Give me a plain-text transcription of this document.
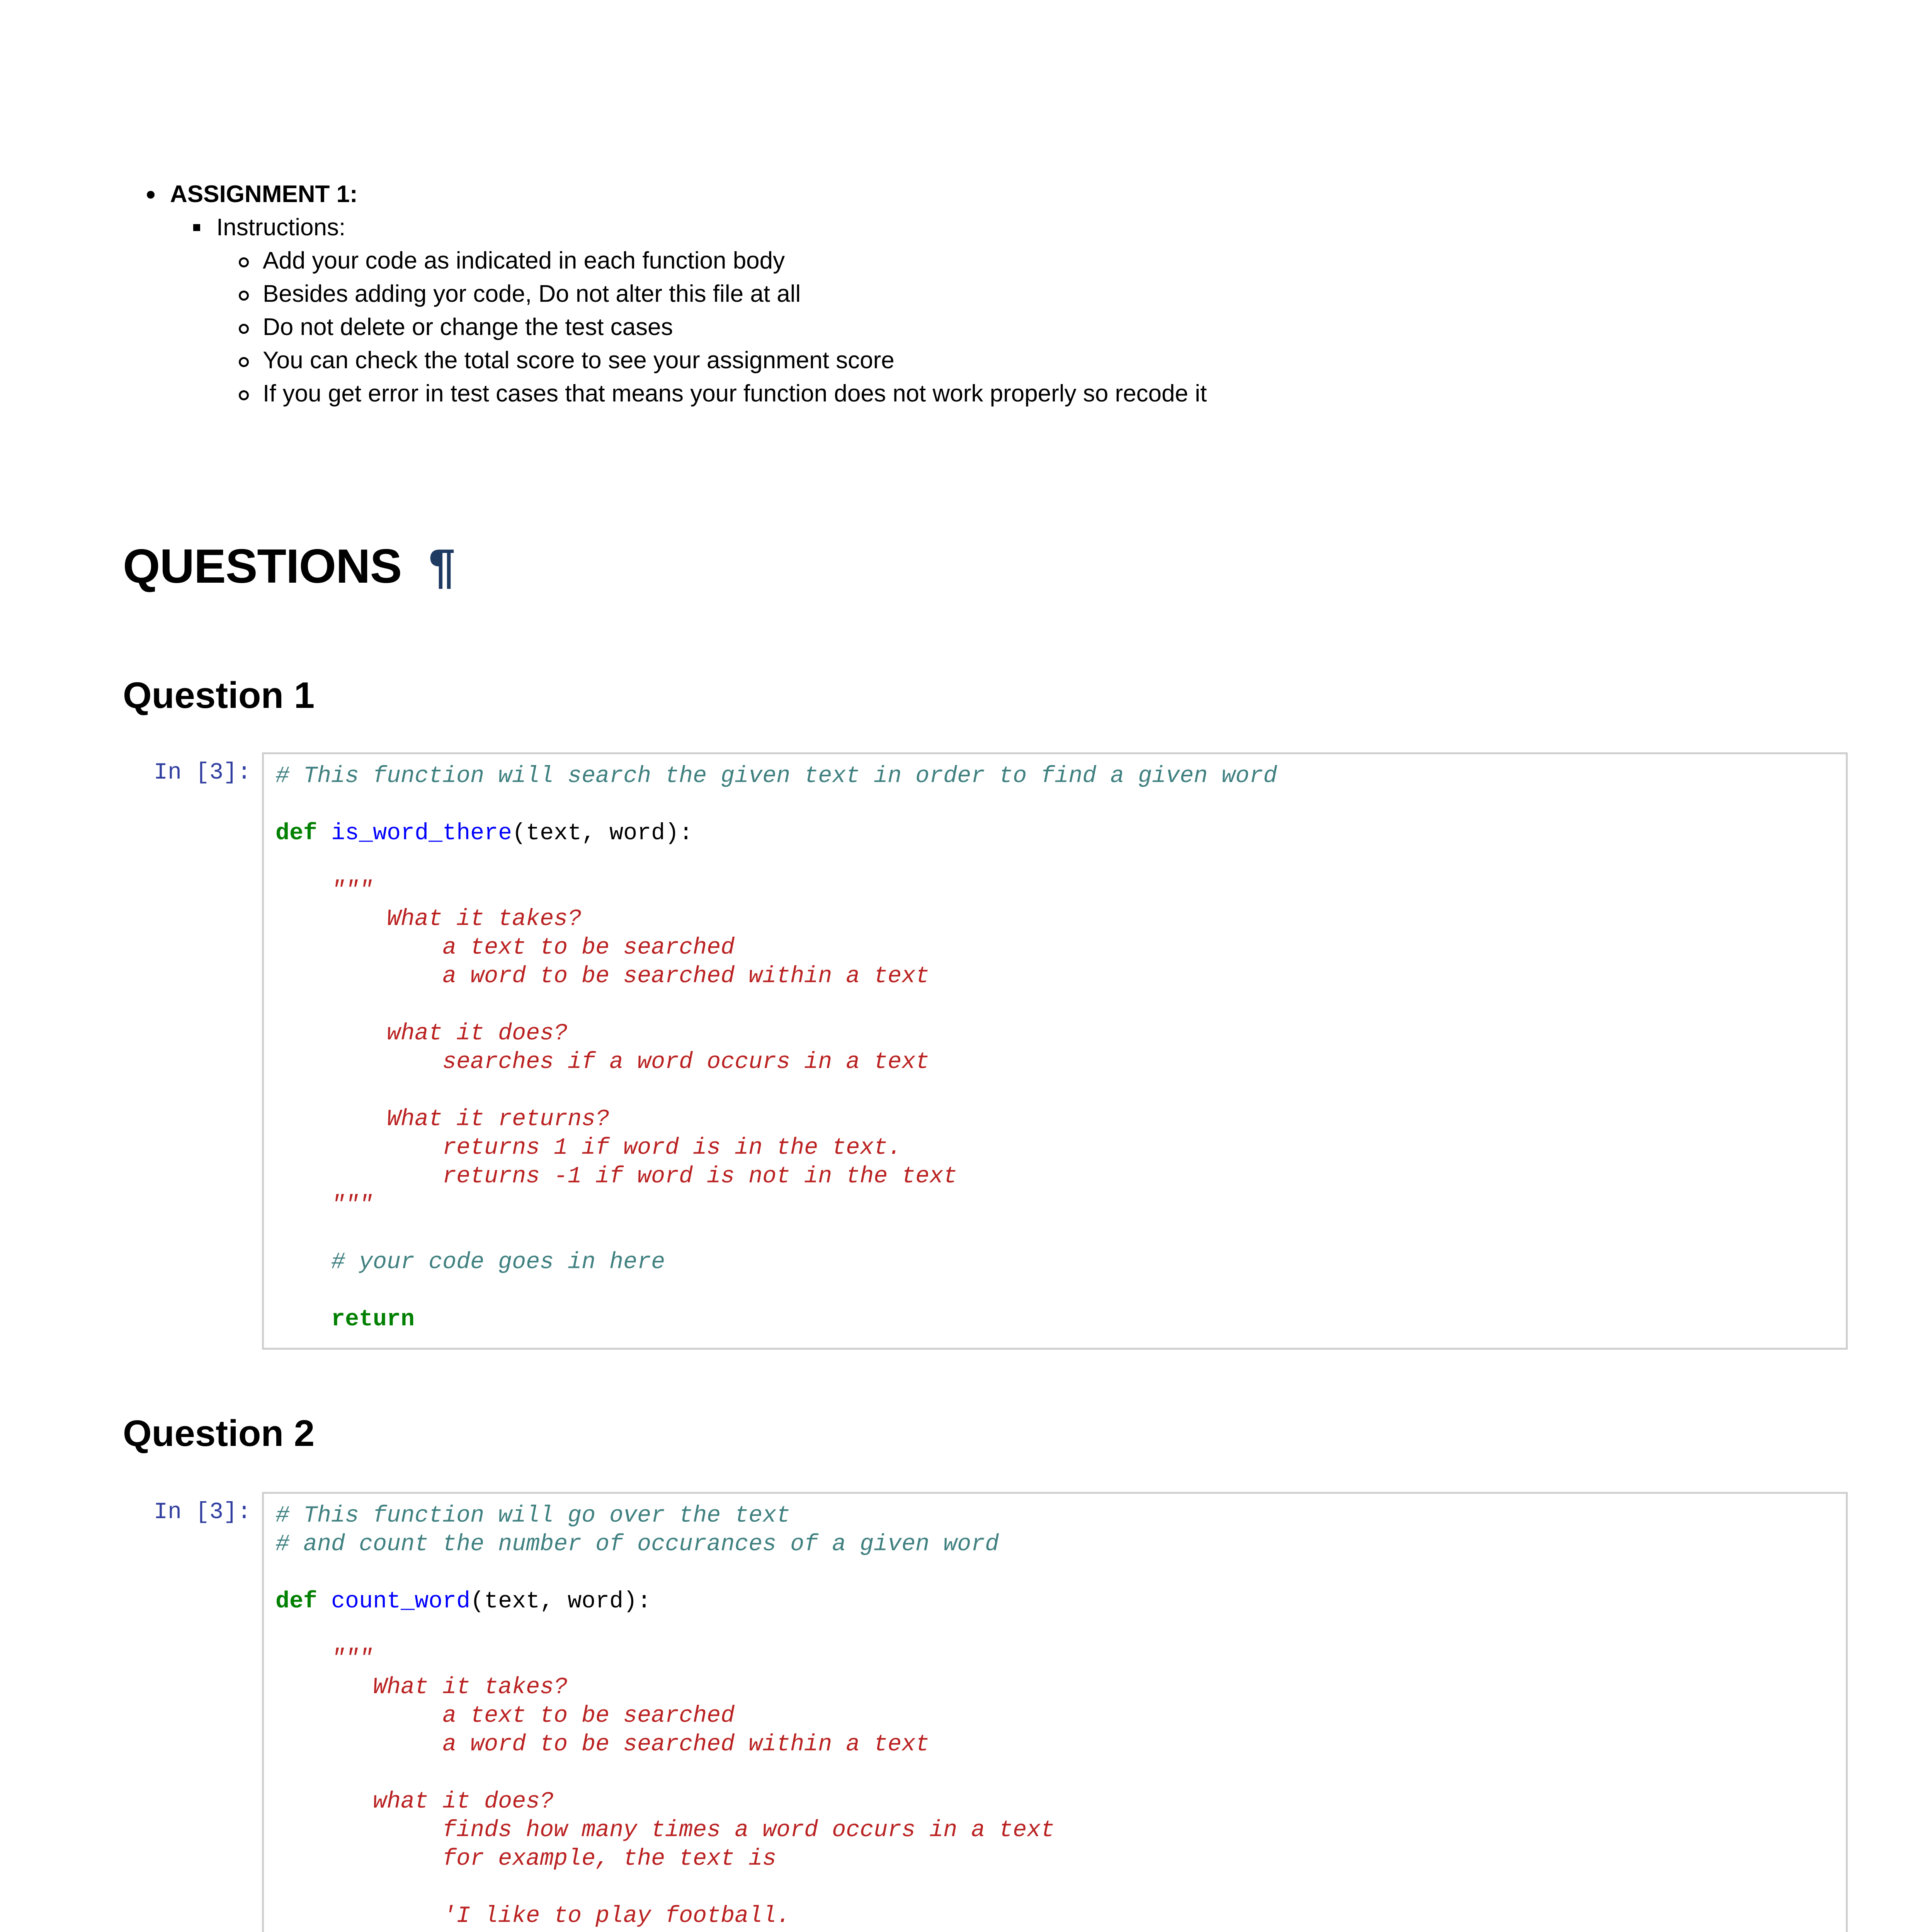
ASSIGNMENT 1:
Instructions:
Add your code as indicated in each function body
Besides adding yor code, Do not alter this file at all
Do not delete or change the test cases
You can check the total score to see your assignment score
If you get error in test cases that means your function does not work properly so recode it
QUESTIONS ¶
Question 1
In [3]: # This function will search the given text in order to find a given word
def is_word_there(text, word):
"""
What it takes?
a text to be searched
a word to be searched within a text
what it does?
searches if a word occurs in a text
What it returns?
returns 1 if word is in the text.
returns -1 if word is not in the text
"""
# your code goes in here
return
Question 2
In [3]: # This function will go over the text
# and count the number of occurances of a given word
def count_word(text, word):
"""
What it takes?
a text to be searched
a word to be searched within a text
what it does?
finds how many times a word occurs in a text
for example, the text is
'I like to play football.
